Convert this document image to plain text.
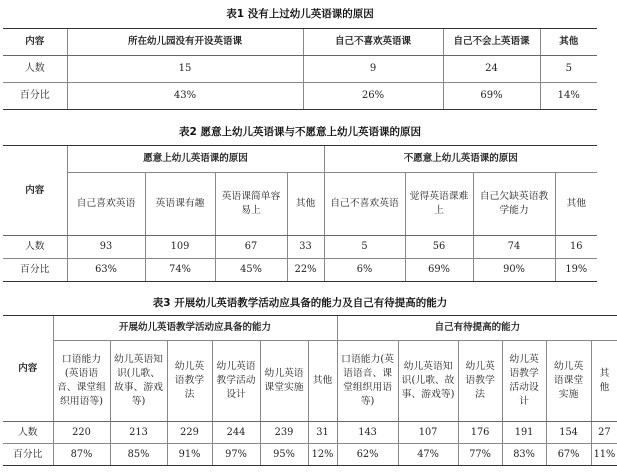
表1 没有上过幼儿英语课的原因
内容	所在幼儿园没有开设英语课	自己不喜欢英语课	自己不会上英语课	其他
人数	15	9	24	5
百分比	43%	26%	69%	14%
表2 愿意上幼儿英语课与不愿意上幼儿英语课的原因
内容	愿意上幼儿英语课的原因				不愿意上幼儿英语课的原因			
	自己喜欢英语	英语课有趣	英语课简单容易上	其他	自己不喜欢英语	觉得英语课难上	自己欠缺英语教学能力	其他
人数	93	109	67	33	5	56	74	16
百分比	63%	74%	45%	22%	6%	69%	90%	19%
表3 开展幼儿英语教学活动应具备的能力及自己有待提高的能力
内容	开展幼儿英语教学活动应具备的能力						自己有待提高的能力					
	口语能力(英语语音、课堂组织用语等)	幼儿英语知识(儿歌、故事、游戏等)	幼儿英语教学法	幼儿英语教学活动设计	幼儿英语课堂实施	其他	口语能力(英语语音、课堂组织用语等)	幼儿英语知识(儿歌、故事、游戏等)	幼儿英语教学法	幼儿英语教学活动设计	幼儿英语课堂实施	其他
人数	220	213	229	244	239	31	143	107	176	191	154	27
百分比	87%	85%	91%	97%	95%	12%	62%	47%	77%	83%	67%	11%
